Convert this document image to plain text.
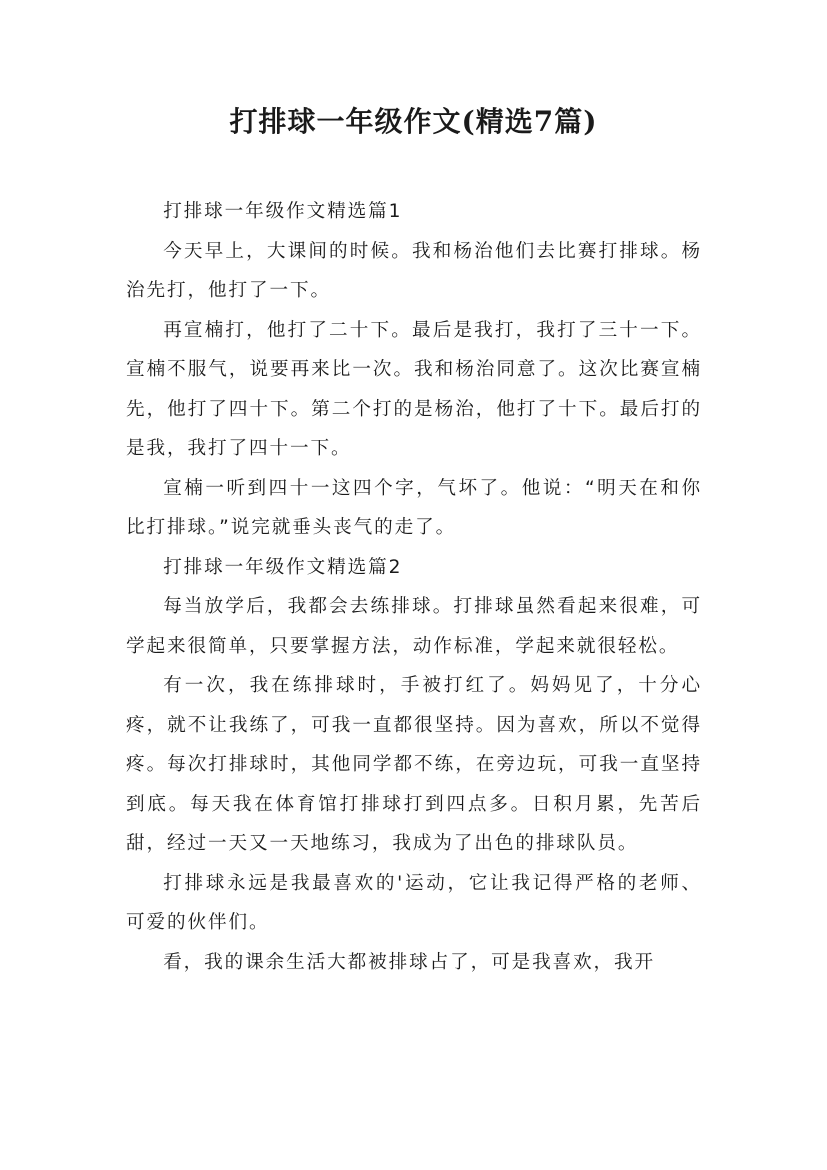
打排球一年级作文(精选7篇)

打排球一年级作文精选篇1

今天早上，大课间的时候。我和杨治他们去比赛打排球。杨治先打，他打了一下。

再宣楠打，他打了二十下。最后是我打，我打了三十一下。宣楠不服气，说要再来比一次。我和杨治同意了。这次比赛宣楠先，他打了四十下。第二个打的是杨治，他打了十下。最后打的是我，我打了四十一下。

宣楠一听到四十一这四个字，气坏了。他说：“明天在和你比打排球。”说完就垂头丧气的走了。

打排球一年级作文精选篇2

每当放学后，我都会去练排球。打排球虽然看起来很难，可学起来很简单，只要掌握方法，动作标准，学起来就很轻松。

有一次，我在练排球时，手被打红了。妈妈见了，十分心疼，就不让我练了，可我一直都很坚持。因为喜欢，所以不觉得疼。每次打排球时，其他同学都不练，在旁边玩，可我一直坚持到底。每天我在体育馆打排球打到四点多。日积月累，先苦后甜，经过一天又一天地练习，我成为了出色的排球队员。

打排球永远是我最喜欢的'运动，它让我记得严格的老师、可爱的伙伴们。

看，我的课余生活大都被排球占了，可是我喜欢，我开
